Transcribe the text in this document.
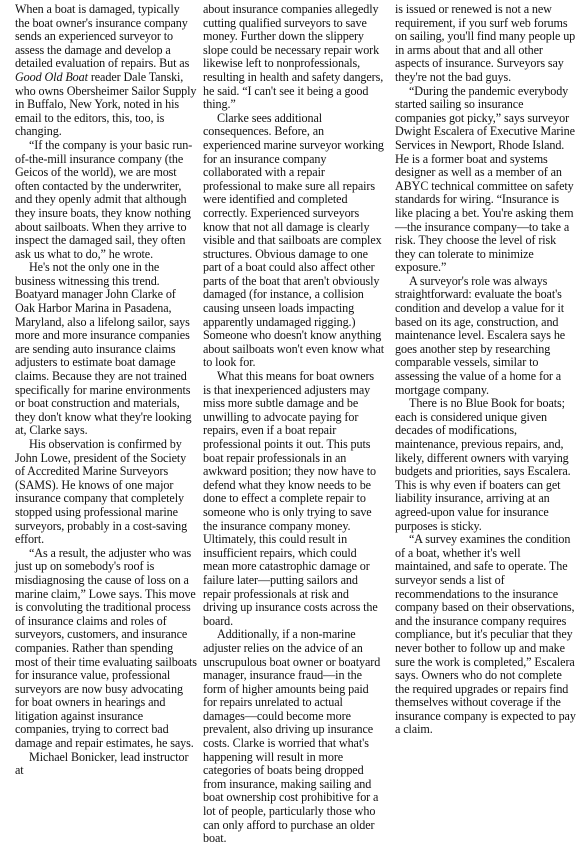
When a boat is damaged, typically the boat owner's insurance company sends an experienced surveyor to assess the damage and develop a detailed evaluation of repairs. But as Good Old Boat reader Dale Tanski, who owns Obersheimer Sailor Supply in Buffalo, New York, noted in his email to the editors, this, too, is changing.

“If the company is your basic run-of-the-mill insurance company (the Geicos of the world), we are most often contacted by the underwriter, and they openly admit that although they insure boats, they know nothing about sailboats. When they arrive to inspect the damaged sail, they often ask us what to do,” he wrote.

He's not the only one in the business witnessing this trend. Boatyard manager John Clarke of Oak Harbor Marina in Pasadena, Maryland, also a lifelong sailor, says more and more insurance companies are sending auto insurance claims adjusters to estimate boat damage claims. Because they are not trained specifically for marine environments or boat construction and materials, they don't know what they're looking at, Clarke says.

His observation is confirmed by John Lowe, president of the Society of Accredited Marine Surveyors (SAMS). He knows of one major insurance company that completely stopped using professional marine surveyors, probably in a cost-saving effort.

“As a result, the adjuster who was just up on somebody's roof is misdiagnosing the cause of loss on a marine claim,” Lowe says. This move is convoluting the traditional process of insurance claims and roles of surveyors, customers, and insurance companies. Rather than spending most of their time evaluating sailboats for insurance value, professional surveyors are now busy advocating for boat owners in hearings and litigation against insurance companies, trying to correct bad damage and repair estimates, he says.

Michael Bonicker, lead instructor at

about insurance companies allegedly cutting qualified surveyors to save money. Further down the slippery slope could be necessary repair work likewise left to nonprofessionals, resulting in health and safety dangers, he said. “I can't see it being a good thing.”

Clarke sees additional consequences. Before, an experienced marine surveyor working for an insurance company collaborated with a repair professional to make sure all repairs were identified and completed correctly. Experienced surveyors know that not all damage is clearly visible and that sailboats are complex structures. Obvious damage to one part of a boat could also affect other parts of the boat that aren't obviously damaged (for instance, a collision causing unseen loads impacting apparently undamaged rigging.) Someone who doesn't know anything about sailboats won't even know what to look for.

What this means for boat owners is that inexperienced adjusters may miss more subtle damage and be unwilling to advocate paying for repairs, even if a boat repair professional points it out. This puts boat repair professionals in an awkward position; they now have to defend what they know needs to be done to effect a complete repair to someone who is only trying to save the insurance company money. Ultimately, this could result in insufficient repairs, which could mean more catastrophic damage or failure later—putting sailors and repair professionals at risk and driving up insurance costs across the board.

Additionally, if a non-marine adjuster relies on the advice of an unscrupulous boat owner or boatyard manager, insurance fraud—in the form of higher amounts being paid for repairs unrelated to actual damages—could become more prevalent, also driving up insurance costs. Clarke is worried that what's happening will result in more categories of boats being dropped from insurance, making sailing and boat ownership cost prohibitive for a lot of people, particularly those who can only afford to purchase an older boat.

is issued or renewed is not a new requirement, if you surf web forums on sailing, you'll find many people up in arms about that and all other aspects of insurance. Surveyors say they're not the bad guys.

“During the pandemic everybody started sailing so insurance companies got picky,” says surveyor Dwight Escalera of Executive Marine Services in Newport, Rhode Island. He is a former boat and systems designer as well as a member of an ABYC technical committee on safety standards for wiring. “Insurance is like placing a bet. You're asking them—the insurance company—to take a risk. They choose the level of risk they can tolerate to minimize exposure.”

A surveyor's role was always straightforward: evaluate the boat's condition and develop a value for it based on its age, construction, and maintenance level. Escalera says he goes another step by researching comparable vessels, similar to assessing the value of a home for a mortgage company.

There is no Blue Book for boats; each is considered unique given decades of modifications, maintenance, previous repairs, and, likely, different owners with varying budgets and priorities, says Escalera. This is why even if boaters can get liability insurance, arriving at an agreed-upon value for insurance purposes is sticky.

“A survey examines the condition of a boat, whether it's well maintained, and safe to operate. The surveyor sends a list of recommendations to the insurance company based on their observations, and the insurance company requires compliance, but it's peculiar that they never bother to follow up and make sure the work is completed,” Escalera says. Owners who do not complete the required upgrades or repairs find themselves without coverage if the insurance company is expected to pay a claim.
